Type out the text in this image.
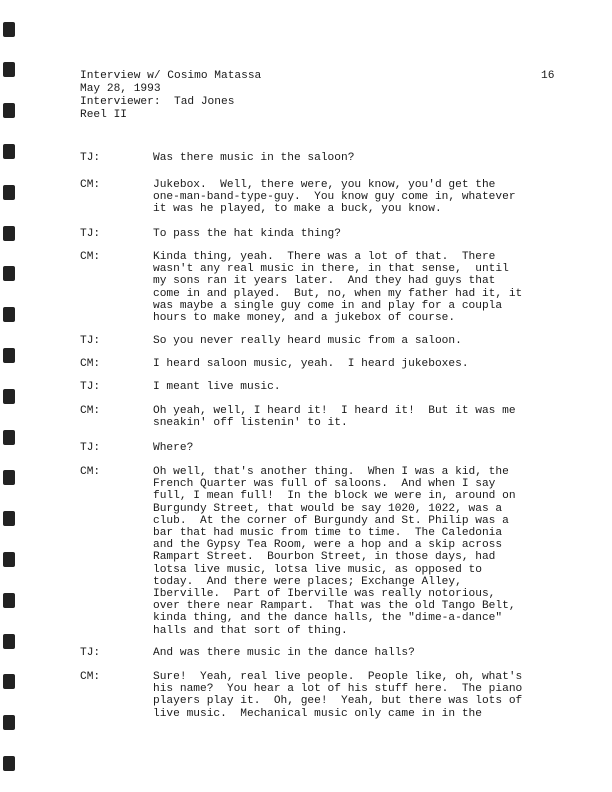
Interview w/ Cosimo Matassa
May 28, 1993
Interviewer:  Tad Jones
Reel II
16
TJ:	Was there music in the saloon?
CM:	Jukebox.  Well, there were, you know, you'd get the
one-man-band-type-guy.  You know guy come in, whatever
it was he played, to make a buck, you know.
TJ:	To pass the hat kinda thing?
CM:	Kinda thing, yeah.  There was a lot of that.  There
wasn't any real music in there, in that sense,  until
my sons ran it years later.  And they had guys that
come in and played.  But, no, when my father had it, it
was maybe a single guy come in and play for a coupla
hours to make money, and a jukebox of course.
TJ:	So you never really heard music from a saloon.
CM:	I heard saloon music, yeah.  I heard jukeboxes.
TJ:	I meant live music.
CM:	Oh yeah, well, I heard it!  I heard it!  But it was me
sneakin' off listenin' to it.
TJ:	Where?
CM:	Oh well, that's another thing.  When I was a kid, the
French Quarter was full of saloons.  And when I say
full, I mean full!  In the block we were in, around on
Burgundy Street, that would be say 1020, 1022, was a
club.  At the corner of Burgundy and St. Philip was a
bar that had music from time to time.  The Caledonia
and the Gypsy Tea Room, were a hop and a skip across
Rampart Street.  Bourbon Street, in those days, had
lotsa live music, lotsa live music, as opposed to
today.  And there were places; Exchange Alley,
Iberville.  Part of Iberville was really notorious,
over there near Rampart.  That was the old Tango Belt,
kinda thing, and the dance halls, the "dime-a-dance"
halls and that sort of thing.
TJ:	And was there music in the dance halls?
CM:	Sure!  Yeah, real live people.  People like, oh, what's
his name?  You hear a lot of his stuff here.  The piano
players play it.  Oh, gee!  Yeah, but there was lots of
live music.  Mechanical music only came in in the
